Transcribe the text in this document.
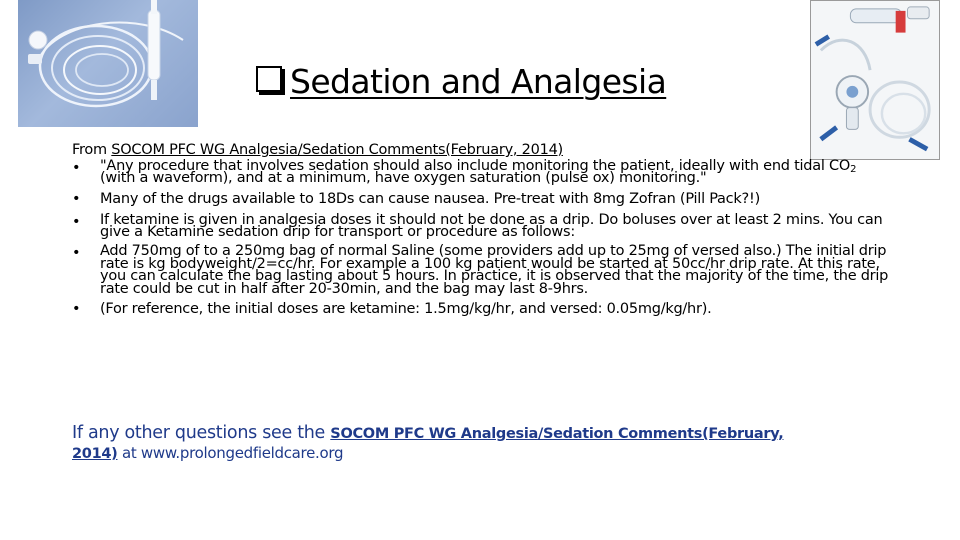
Sedation and Analgesia
From SOCOM PFC WG Analgesia/Sedation Comments(February, 2014)
•	"Any procedure that involves sedation should also include monitoring the patient, ideally with end tidal $CO_2$ (with a waveform), and at a minimum, have oxygen saturation (pulse ox) monitoring."
•	Many of the drugs available to 18Ds can cause nausea. Pre-treat with 8mg Zofran (Pill Pack?!)
•	If ketamine is given in analgesia doses it should not be done as a drip. Do boluses over at least 2 mins. You can give a Ketamine sedation drip for transport or procedure as follows:
•	Add 750mg of to a 250mg bag of normal Saline (some providers add up to 25mg of versed also.) The initial drip rate is kg bodyweight/2=cc/hr. For example a 100 kg patient would be started at 50cc/hr drip rate. At this rate, you can calculate the bag lasting about 5 hours. In practice, it is observed that the majority of the time, the drip rate could be cut in half after 20-30min, and the bag may last 8-9hrs.
•	(For reference, the initial doses are ketamine: 1.5mg/kg/hr, and versed: 0.05mg/kg/hr).
If any other questions see the SOCOM PFC WG Analgesia/Sedation Comments(February,
2014) at www.prolongedfieldcare.org
